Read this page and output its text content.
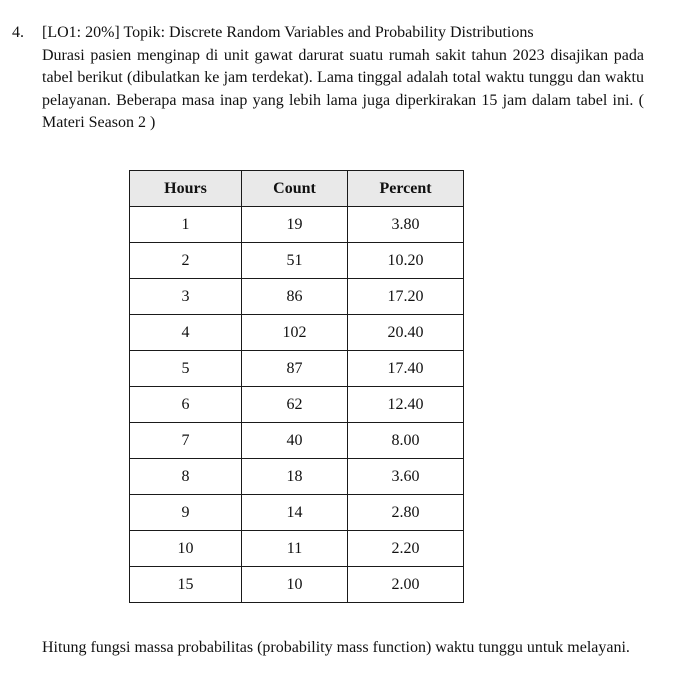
4. [LO1: 20%] Topik: Discrete Random Variables and Probability Distributions
Durasi pasien menginap di unit gawat darurat suatu rumah sakit tahun 2023 disajikan pada tabel berikut (dibulatkan ke jam terdekat). Lama tinggal adalah total waktu tunggu dan waktu pelayanan. Beberapa masa inap yang lebih lama juga diperkirakan 15 jam dalam tabel ini. ( Materi Season 2 )
Hours	Count	Percent
1	19	3.80
2	51	10.20
3	86	17.20
4	102	20.40
5	87	17.40
6	62	12.40
7	40	8.00
8	18	3.60
9	14	2.80
10	11	2.20
15	10	2.00
Hitung fungsi massa probabilitas (probability mass function) waktu tunggu untuk melayani.
